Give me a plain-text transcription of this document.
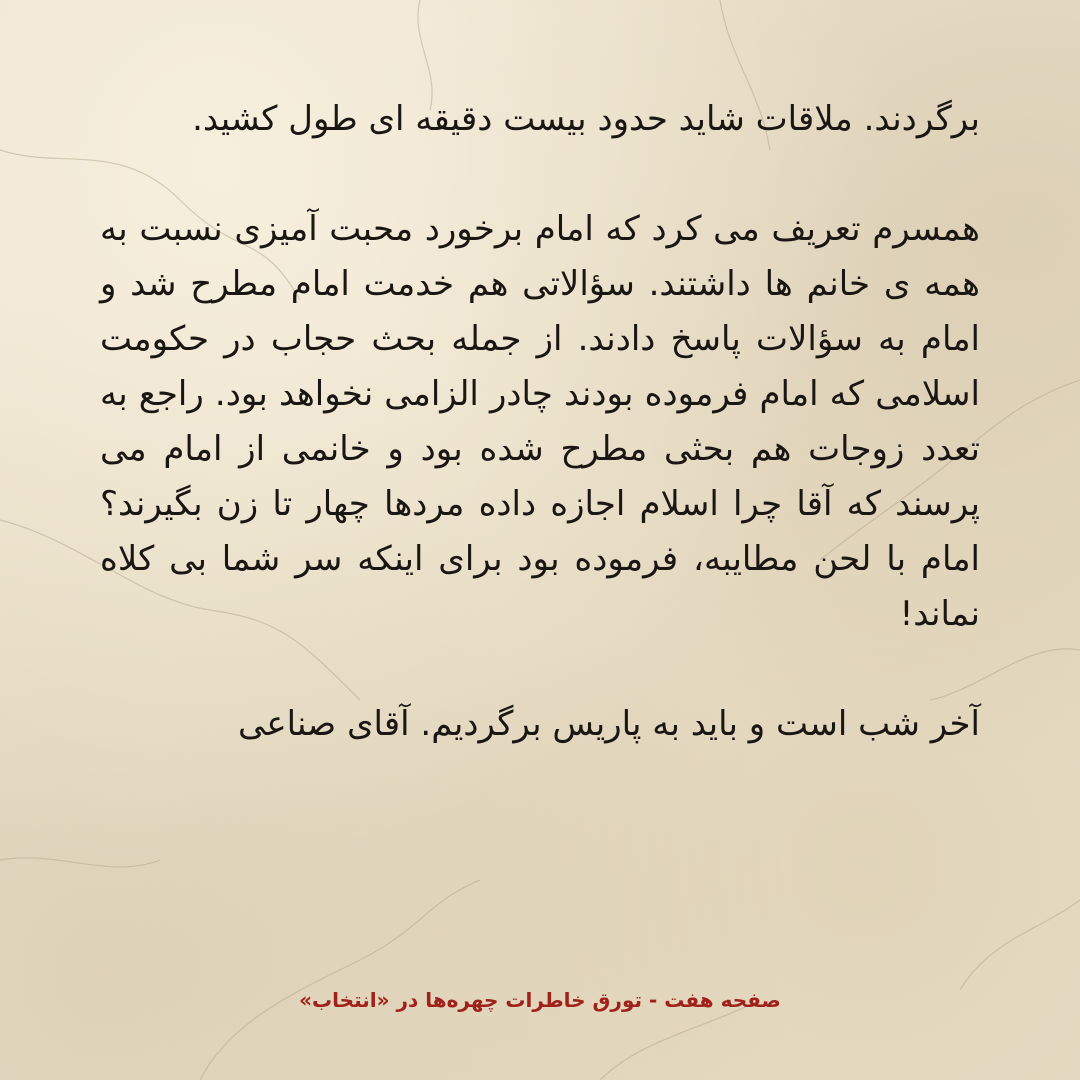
برگردند. ملاقات شاید حدود بیست دقیقه ای طول کشید.

همسرم تعریف می کرد که امام برخورد محبت آمیزی نسبت به همه ی خانم ها داشتند. سؤالاتی هم خدمت امام مطرح شد و امام به سؤالات پاسخ دادند. از جمله بحث حجاب در حکومت اسلامی که امام فرموده بودند چادر الزامی نخواهد بود. راجع به تعدد زوجات هم بحثی مطرح شده بود و خانمی از امام می پرسند که آقا چرا اسلام اجازه داده مردها چهار تا زن بگیرند؟ امام با لحن مطایبه، فرموده بود برای اینکه سر شما بی کلاه نماند!

آخر شب است و باید به پاریس برگردیم. آقای صناعی

صفحه هفت - تورق خاطرات چهره‌ها در «انتخاب»
